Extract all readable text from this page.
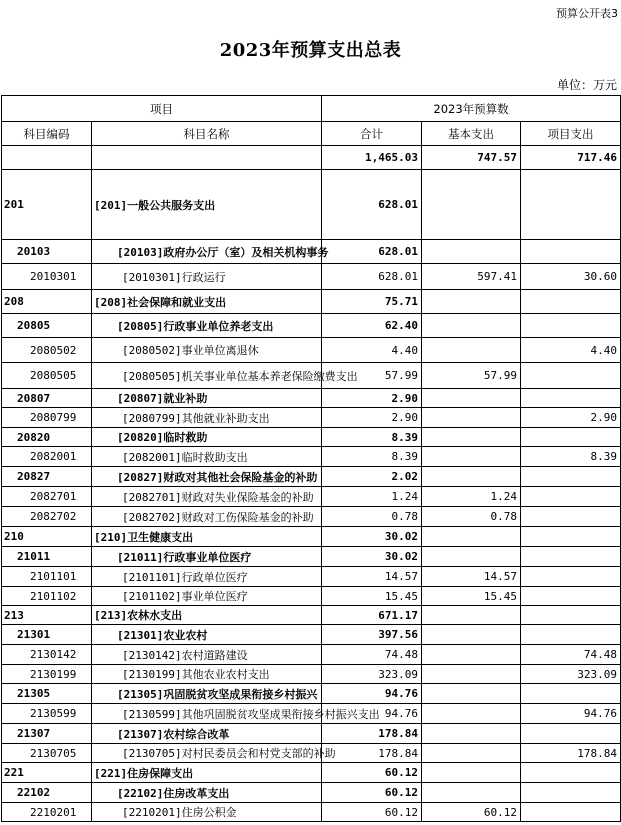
预算公开表3
2023年预算支出总表
单位：万元
项目		2023年预算数		
科目编码	科目名称	合计	基本支出	项目支出
		1,465.03	747.57	717.46
201	[201]一般公共服务支出	628.01		
20103	[20103]政府办公厅（室）及相关机构事务	628.01		
2010301	[2010301]行政运行	628.01	597.41	30.60
208	[208]社会保障和就业支出	75.71		
20805	[20805]行政事业单位养老支出	62.40		
2080502	[2080502]事业单位离退休	4.40		4.40
2080505	[2080505]机关事业单位基本养老保险缴费支出	57.99	57.99	
20807	[20807]就业补助	2.90		
2080799	[2080799]其他就业补助支出	2.90		2.90
20820	[20820]临时救助	8.39		
2082001	[2082001]临时救助支出	8.39		8.39
20827	[20827]财政对其他社会保险基金的补助	2.02		
2082701	[2082701]财政对失业保险基金的补助	1.24	1.24	
2082702	[2082702]财政对工伤保险基金的补助	0.78	0.78	
210	[210]卫生健康支出	30.02		
21011	[21011]行政事业单位医疗	30.02		
2101101	[2101101]行政单位医疗	14.57	14.57	
2101102	[2101102]事业单位医疗	15.45	15.45	
213	[213]农林水支出	671.17		
21301	[21301]农业农村	397.56		
2130142	[2130142]农村道路建设	74.48		74.48
2130199	[2130199]其他农业农村支出	323.09		323.09
21305	[21305]巩固脱贫攻坚成果衔接乡村振兴	94.76		
2130599	[2130599]其他巩固脱贫攻坚成果衔接乡村振兴支出	94.76		94.76
21307	[21307]农村综合改革	178.84		
2130705	[2130705]对村民委员会和村党支部的补助	178.84		178.84
221	[221]住房保障支出	60.12		
22102	[22102]住房改革支出	60.12		
2210201	[2210201]住房公积金	60.12	60.12	
